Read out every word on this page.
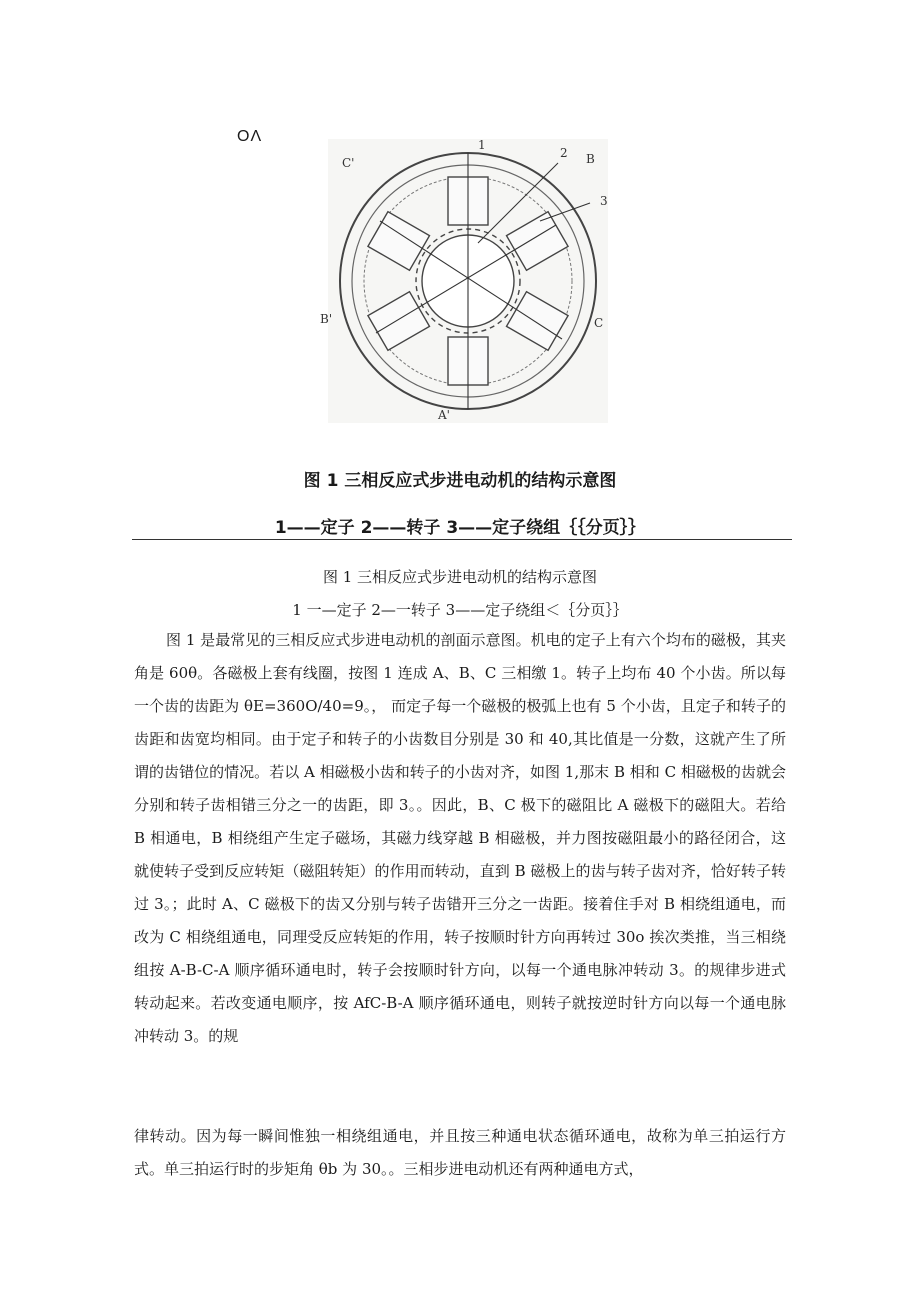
OΛ
C'	B
2
3
1
B'	C
A'
图 1 三相反应式步进电动机的结构示意图
1——定子 2——转子 3——定子绕组｛｛分页｝｝
图 1 三相反应式步进电动机的结构示意图
1 一—定子 2—一转子 3——定子绕组＜｛分页｝｝
图 1 是最常见的三相反应式步进电动机的剖面示意图。机电的定子上有六个均布的磁极，其夹角是 60θ。各磁极上套有线圈，按图 1 连成 A、B、C 三相缴 1。转子上均布 40 个小齿。所以每一个齿的齿距为 θE=360O/40=9。， 而定子每一个磁极的极弧上也有 5 个小齿，且定子和转子的齿距和齿宽均相同。由于定子和转子的小齿数目分别是 30 和 40,其比值是一分数，这就产生了所谓的齿错位的情况。若以 A 相磁极小齿和转子的小齿对齐，如图 1,那末 B 相和 C 相磁极的齿就会分别和转子齿相错三分之一的齿距，即 3。。因此，B、C 极下的磁阻比 A 磁极下的磁阻大。若给 B 相通电，B 相绕组产生定子磁场，其磁力线穿越 B 相磁极，并力图按磁阻最小的路径闭合，这就使转子受到反应转矩（磁阻转矩）的作用而转动，直到 B 磁极上的齿与转子齿对齐，恰好转子转过 3。；此时 A、C 磁极下的齿又分别与转子齿错开三分之一齿距。接着住手对 B 相绕组通电，而改为 C 相绕组通电，同理受反应转矩的作用，转子按顺时针方向再转过 30o 挨次类推，当三相绕组按 A-B-C-A 顺序循环通电时，转子会按顺时针方向，以每一个通电脉冲转动 3。的规律步进式转动起来。若改变通电顺序，按 AfC-B-A 顺序循环通电，则转子就按逆时针方向以每一个通电脉冲转动 3。的规
律转动。因为每一瞬间惟独一相绕组通电，并且按三种通电状态循环通电，故称为单三拍运行方式。单三拍运行时的步矩角 θb 为 30。。三相步进电动机还有两种通电方式，
